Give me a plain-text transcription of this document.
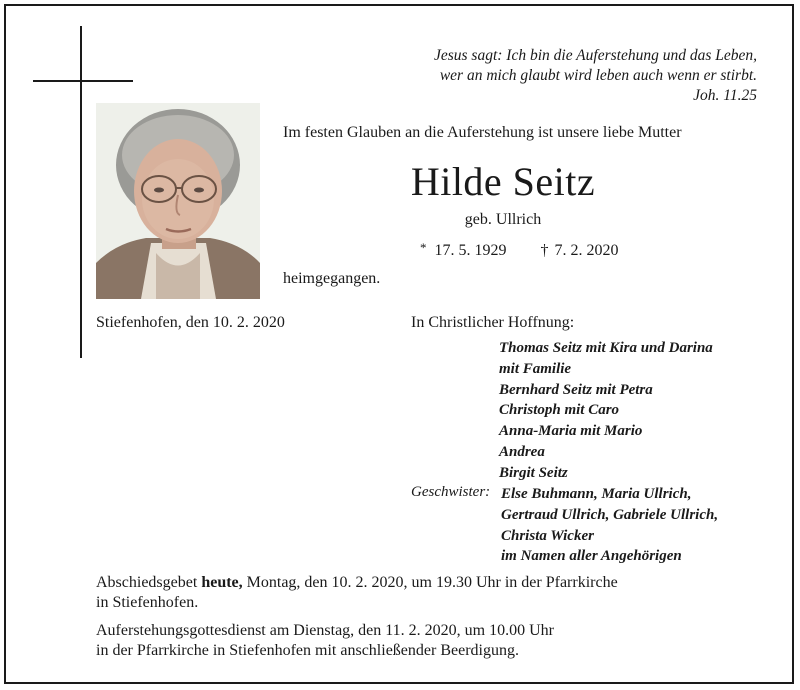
Jesus sagt: Ich bin die Auferstehung und das Leben,
wer an mich glaubt wird leben auch wenn er stirbt.
Joh. 11.25
Im festen Glauben an die Auferstehung ist unsere liebe Mutter
Hilde Seitz
geb. Ullrich
* 17. 5. 1929 † 7. 2. 2020
heimgegangen.
Stiefenhofen, den 10. 2. 2020	In Christlicher Hoffnung:
Thomas Seitz mit Kira und Darina
mit Familie
Bernhard Seitz mit Petra
Christoph mit Caro
Anna-Maria mit Mario
Andrea
Birgit Seitz
Geschwister: Else Buhmann, Maria Ullrich,
Gertraud Ullrich, Gabriele Ullrich,
Christa Wicker
im Namen aller Angehörigen
Abschiedsgebet heute, Montag, den 10. 2. 2020, um 19.30 Uhr in der Pfarrkirche
in Stiefenhofen.
Auferstehungsgottesdienst am Dienstag, den 11. 2. 2020, um 10.00 Uhr
in der Pfarrkirche in Stiefenhofen mit anschließender Beerdigung.
